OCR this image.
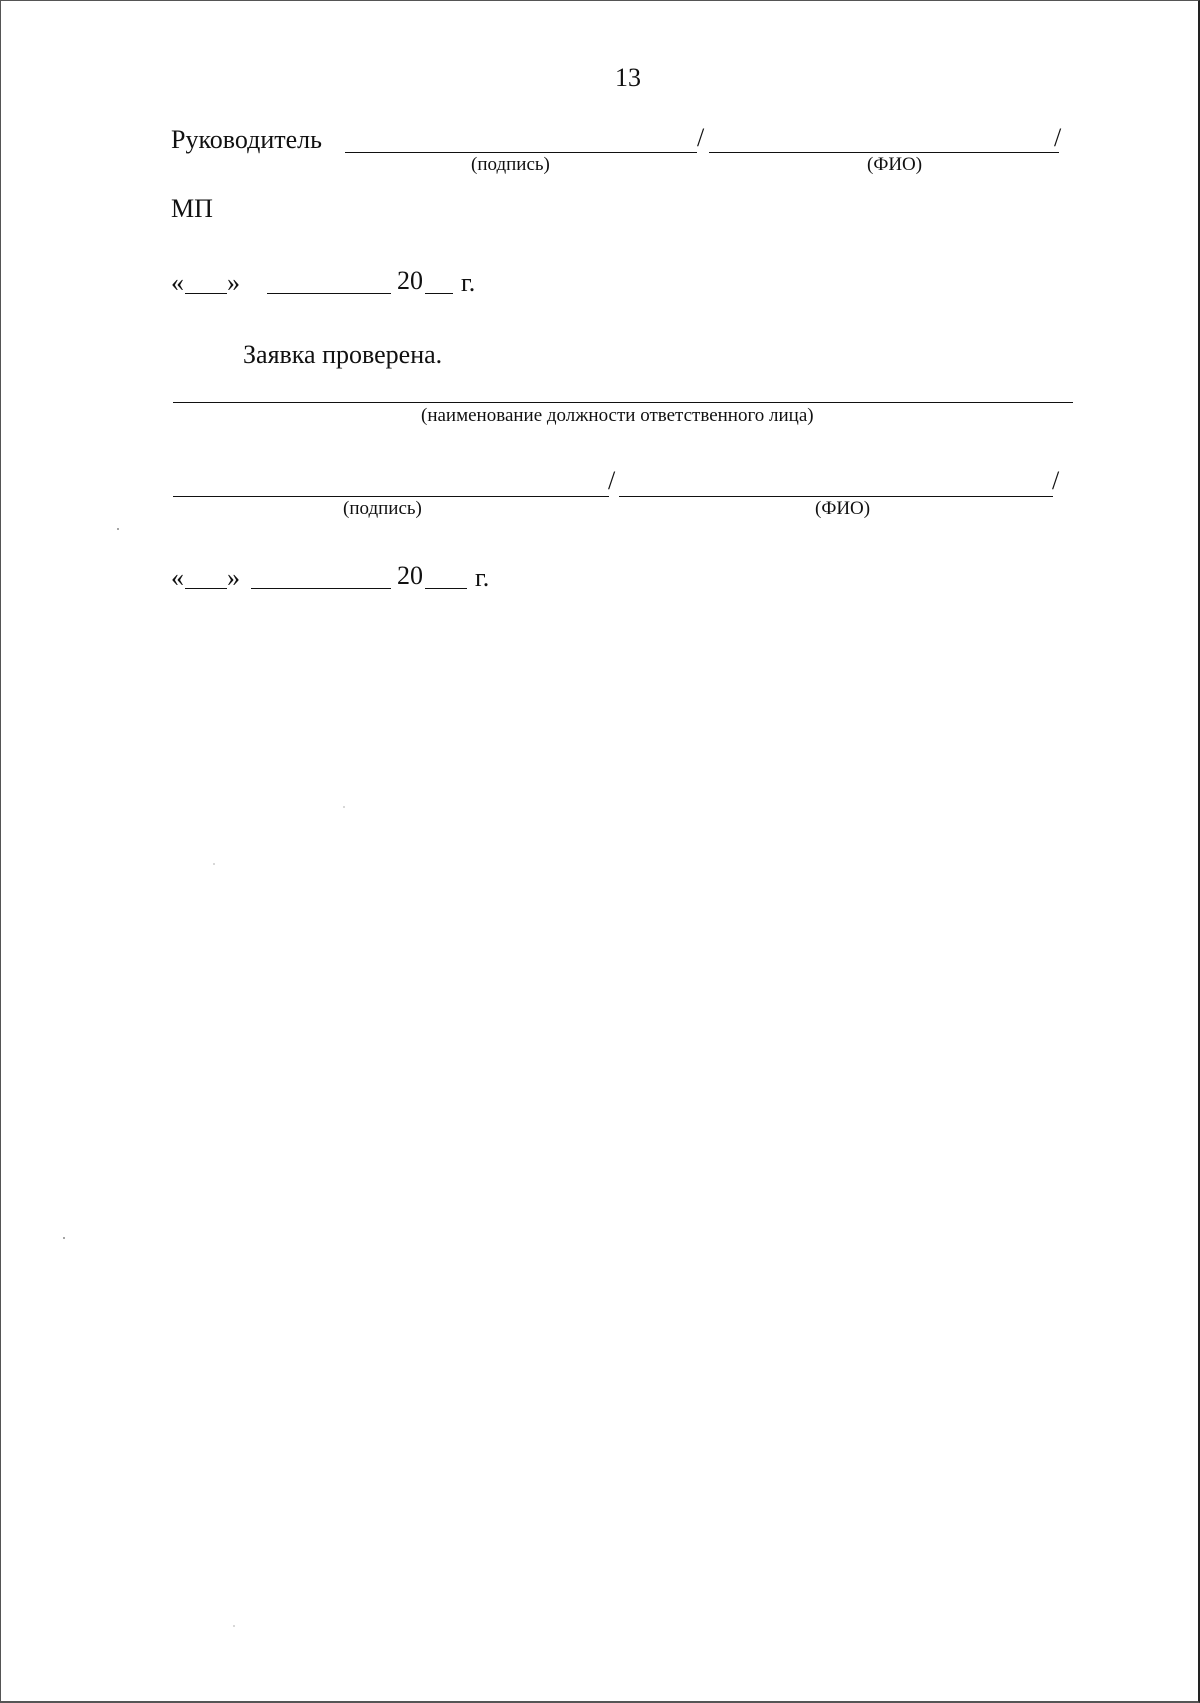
13
Руководитель	/	/
(подпись)	(ФИО)
МП
« »	20 г.
Заявка проверена.
(наименование должности ответственного лица)
/	/
(подпись)	(ФИО)
« »	20 г.
